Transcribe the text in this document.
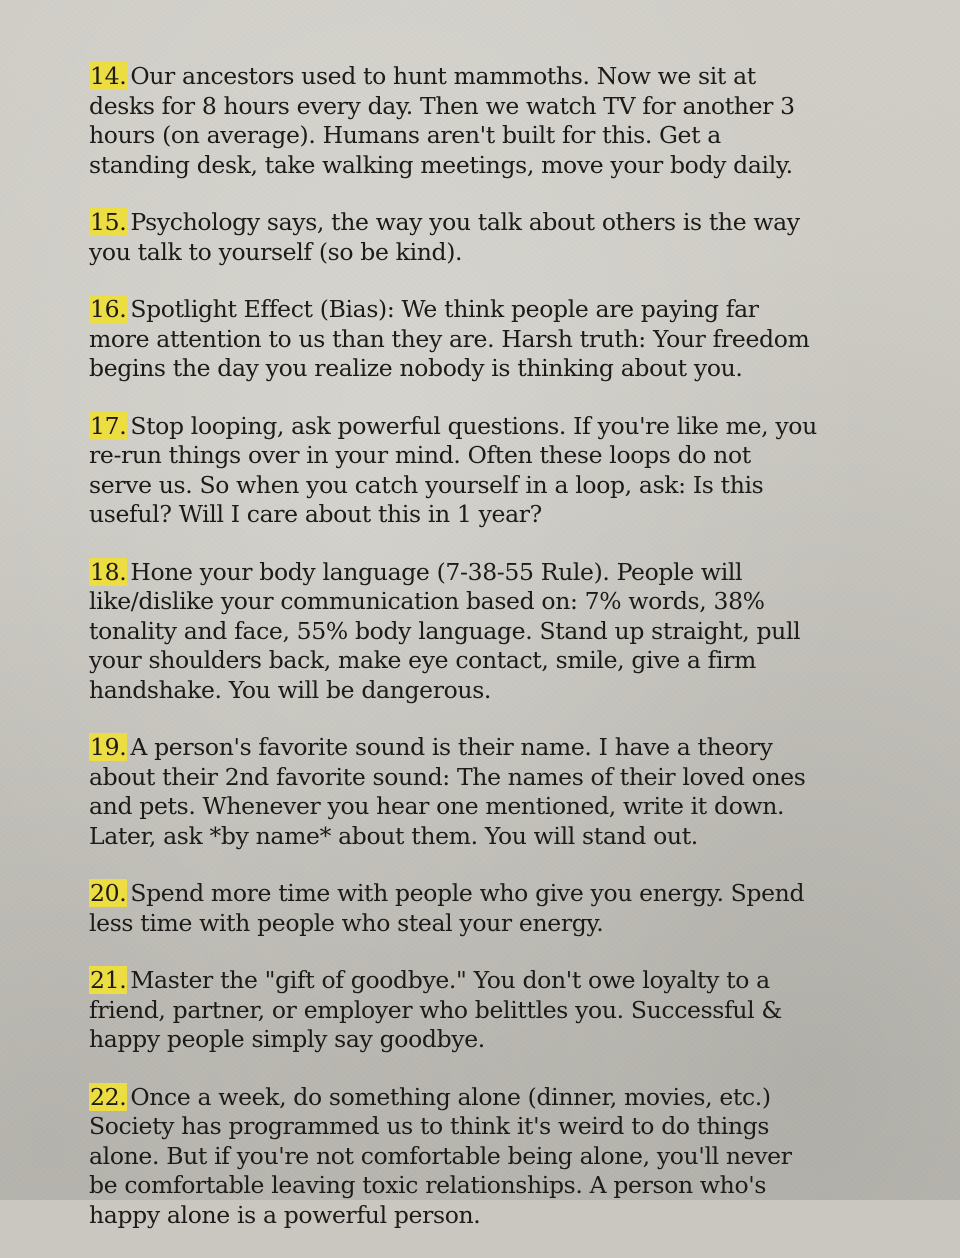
14. Our ancestors used to hunt mammoths. Now we sit at
desks for 8 hours every day. Then we watch TV for another 3
hours (on average). Humans aren't built for this. Get a
standing desk, take walking meetings, move your body daily.

15. Psychology says, the way you talk about others is the way
you talk to yourself (so be kind).

16. Spotlight Effect (Bias): We think people are paying far
more attention to us than they are. Harsh truth: Your freedom
begins the day you realize nobody is thinking about you.

17. Stop looping, ask powerful questions. If you're like me, you
re-run things over in your mind. Often these loops do not
serve us. So when you catch yourself in a loop, ask: Is this
useful? Will I care about this in 1 year?

18. Hone your body language (7-38-55 Rule). People will
like/dislike your communication based on: 7% words, 38%
tonality and face, 55% body language. Stand up straight, pull
your shoulders back, make eye contact, smile, give a firm
handshake. You will be dangerous.

19. A person's favorite sound is their name. I have a theory
about their 2nd favorite sound: The names of their loved ones
and pets. Whenever you hear one mentioned, write it down.
Later, ask *by name* about them. You will stand out.

20. Spend more time with people who give you energy. Spend
less time with people who steal your energy.

21. Master the "gift of goodbye." You don't owe loyalty to a
friend, partner, or employer who belittles you. Successful &
happy people simply say goodbye.

22. Once a week, do something alone (dinner, movies, etc.)
Society has programmed us to think it's weird to do things
alone. But if you're not comfortable being alone, you'll never
be comfortable leaving toxic relationships. A person who's
happy alone is a powerful person.
